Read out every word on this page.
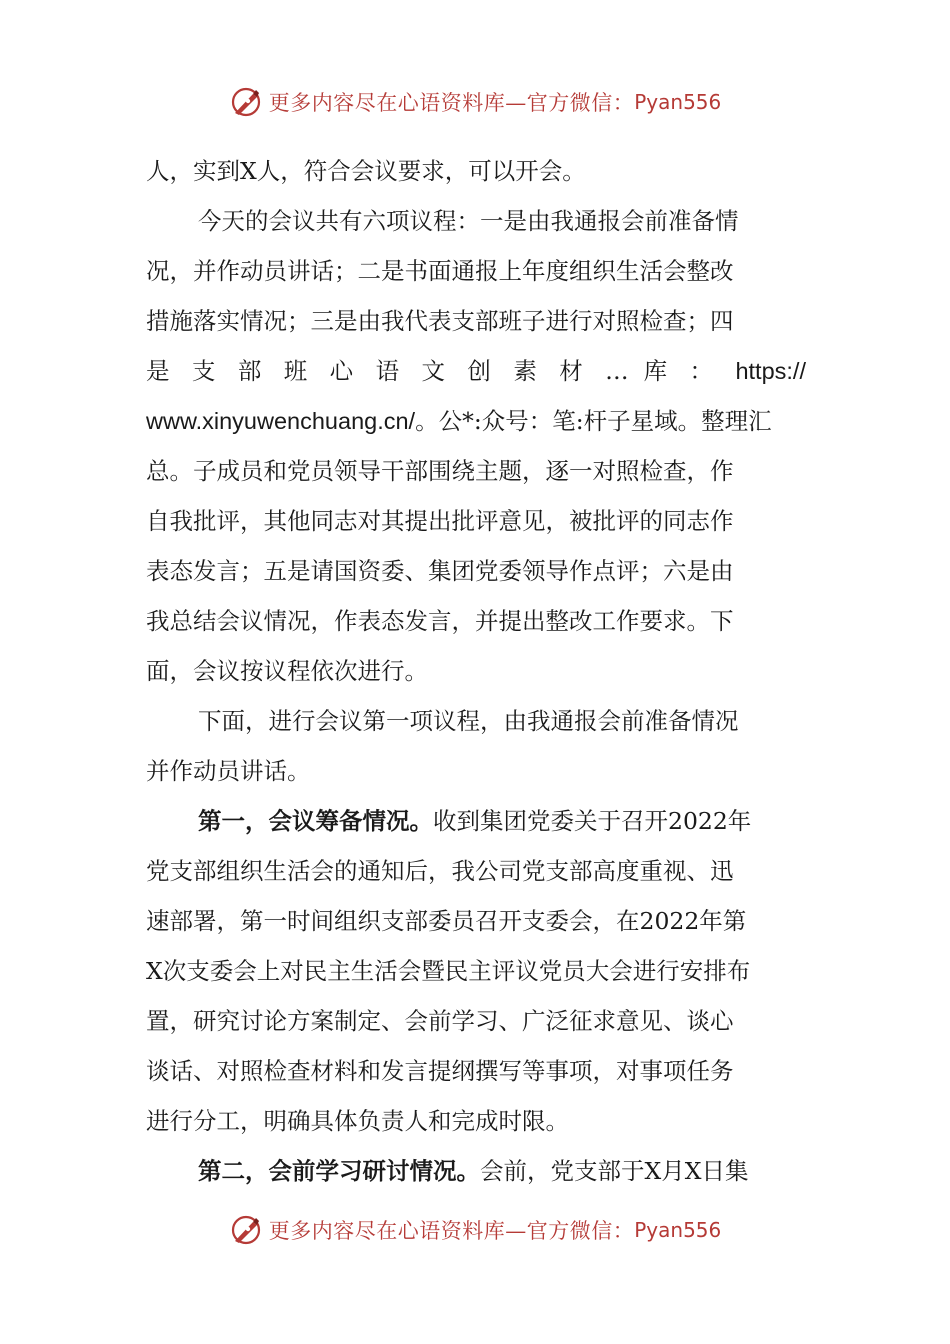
更多内容尽在心语资料库—官方微信： Pyan556
人，实到X人，符合会议要求，可以开会。
今天的会议共有六项议程：一是由我通报会前准备情
况，并作动员讲话；二是书面通报上年度组织生活会整改
措施落实情况；三是由我代表支部班子进行对照检查；四
是 支 部 班 心 语 文 创 素 材 … 库 ： https://
www.xinyuwenchuang.cn/。公*:众号：笔:杆子星域。整理汇
总。子成员和党员领导干部围绕主题，逐一对照检查，作
自我批评，其他同志对其提出批评意见，被批评的同志作
表态发言；五是请国资委、集团党委领导作点评；六是由
我总结会议情况，作表态发言，并提出整改工作要求。下
面，会议按议程依次进行。
下面，进行会议第一项议程，由我通报会前准备情况
并作动员讲话。
第一，会议筹备情况。收到集团党委关于召开2022年
党支部组织生活会的通知后，我公司党支部高度重视、迅
速部署，第一时间组织支部委员召开支委会，在2022年第
X次支委会上对民主生活会暨民主评议党员大会进行安排布
置，研究讨论方案制定、会前学习、广泛征求意见、谈心
谈话、对照检查材料和发言提纲撰写等事项，对事项任务
进行分工，明确具体负责人和完成时限。
第二，会前学习研讨情况。会前，党支部于X月X日集
更多内容尽在心语资料库—官方微信： Pyan556
